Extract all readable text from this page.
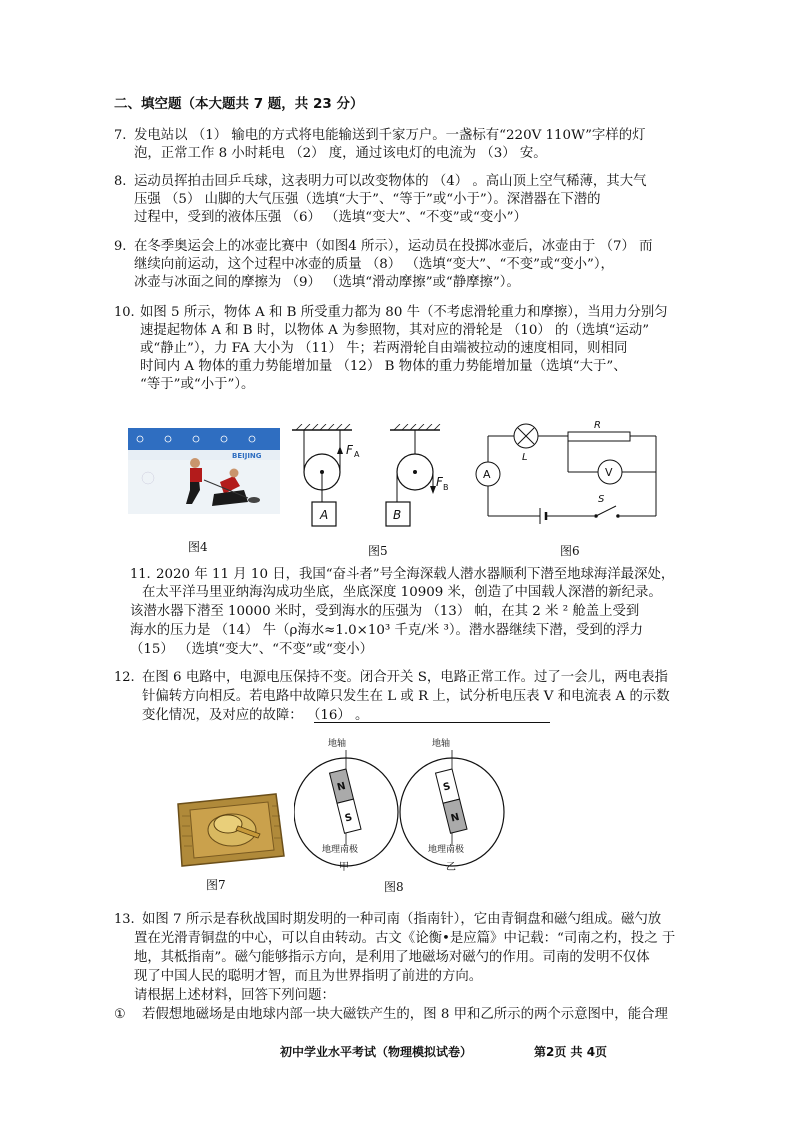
二、填空题（本大题共 7 题，共 23 分）
7. 发电站以 （1） 输电的方式将电能输送到千家万户。一盏标有“220V 110W”字样的灯
泡，正常工作 8 小时耗电 （2） 度，通过该电灯的电流为 （3） 安。
8. 运动员挥拍击回乒乓球，这表明力可以改变物体的 （4） 。高山顶上空气稀薄，其大气
压强 （5） 山脚的大气压强（选填“大于”、“等于”或“小于”）。深潜器在下潜的
过程中，受到的液体压强 （6） （选填“变大”、“不变”或“变小”）
9. 在冬季奥运会上的冰壶比赛中（如图4 所示），运动员在投掷冰壶后，冰壶由于 （7） 而
继续向前运动，这个过程中冰壶的质量 （8） （选填“变大”、“不变”或“变小”），
冰壶与冰面之间的摩擦为 （9） （选填“滑动摩擦”或“静摩擦”）。
10. 如图 5 所示，物体 A 和 B 所受重力都为 80 牛（不考虑滑轮重力和摩擦），当用力分别匀
速提起物体 A 和 B 时，以物体 A 为参照物，其对应的滑轮是 （10） 的（选填“运动”
或“静止”），力 FA 大小为 （11） 牛；若两滑轮自由端被拉动的速度相同，则相同
时间内 A 物体的重力势能增加量 （12） B 物体的重力势能增加量（选填“大于”、
“等于”或“小于”）。
BEIJING
图4
A
F A
B
F B
图5
L
R
A	V
S
图6
11. 2020 年 11 月 10 日，我国“奋斗者”号全海深载人潜水器顺利下潜至地球海洋最深处，
在太平洋马里亚纳海沟成功坐底，坐底深度 10909 米，创造了中国载人深潜的新纪录。
该潜水器下潜至 10000 米时，受到海水的压强为 （13） 帕，在其 2 米 ² 舱盖上受到
海水的压力是 （14） 牛（ρ海水≈1.0×10³ 千克/米 ³）。潜水器继续下潜，受到的浮力
（15） （选填“变大”、“不变”或“变小）
12. 在图 6 电路中，电源电压保持不变。闭合开关 S，电路正常工作。过了一会儿，两电表指
针偏转方向相反。若电路中故障只发生在 L 或 R 上，试分析电压表 V 和电流表 A 的示数
变化情况，及对应的故障： （16） 。
图7
地轴
N
S
地理南极
甲
地轴
S
N
地理南极
乙
图8
13. 如图 7 所示是春秋战国时期发明的一种司南（指南针），它由青铜盘和磁勺组成。磁勺放
置在光滑青铜盘的中心，可以自由转动。古文《论衡•是应篇》中记载：“司南之杓，投之 于
地，其柢指南”。磁勺能够指示方向，是利用了地磁场对磁勺的作用。司南的发明不仅体
现了中国人民的聪明才智，而且为世界指明了前进的方向。
请根据上述材料，回答下列问题：
① 若假想地磁场是由地球内部一块大磁铁产生的，图 8 甲和乙所示的两个示意图中，能合理
初中学业水平考试（物理模拟试卷）	第2页 共 4页
